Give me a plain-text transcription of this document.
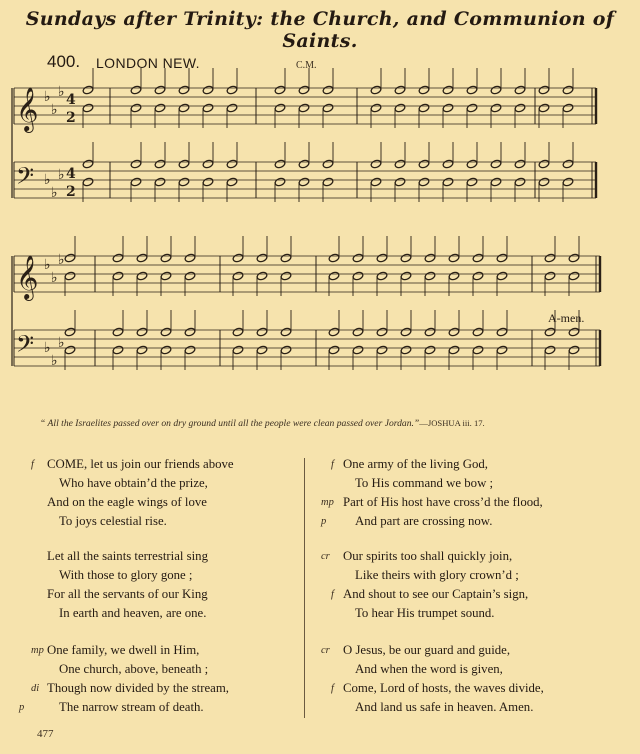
Sundays after Trinity: the Church, and Communion of Saints.
400. LONDON NEW.	C.M.
𝄞 ♭
♭
♭ 4
2
𝄢 ♭
♭
♭ 4
2
𝄞 ♭
♭
♭
𝄢 ♭
♭
♭
A-men.
“ All the Israelites passed over on dry ground until all the people were clean passed over Jordan.”—JOSHUA iii. 17.
f COME, let us join our friends above
Who have obtain’d the prize,
And on the eagle wings of love
To joys celestial rise.
Let all the saints terrestrial sing
With those to glory gone ;
For all the servants of our King
In earth and heaven, are one.
mp One family, we dwell in Him,
One church, above, beneath ;
di Though now divided by the stream,
p	The narrow stream of death.
f One army of the living God,
To His command we bow ;
mp Part of His host have cross’d the flood,
p And part are crossing now.
cr Our spirits too shall quickly join,
Like theirs with glory crown’d ;
f And shout to see our Captain’s sign,
To hear His trumpet sound.
cr O Jesus, be our guard and guide,
And when the word is given,
f Come, Lord of hosts, the waves divide,
And land us safe in heaven. Amen.
477
